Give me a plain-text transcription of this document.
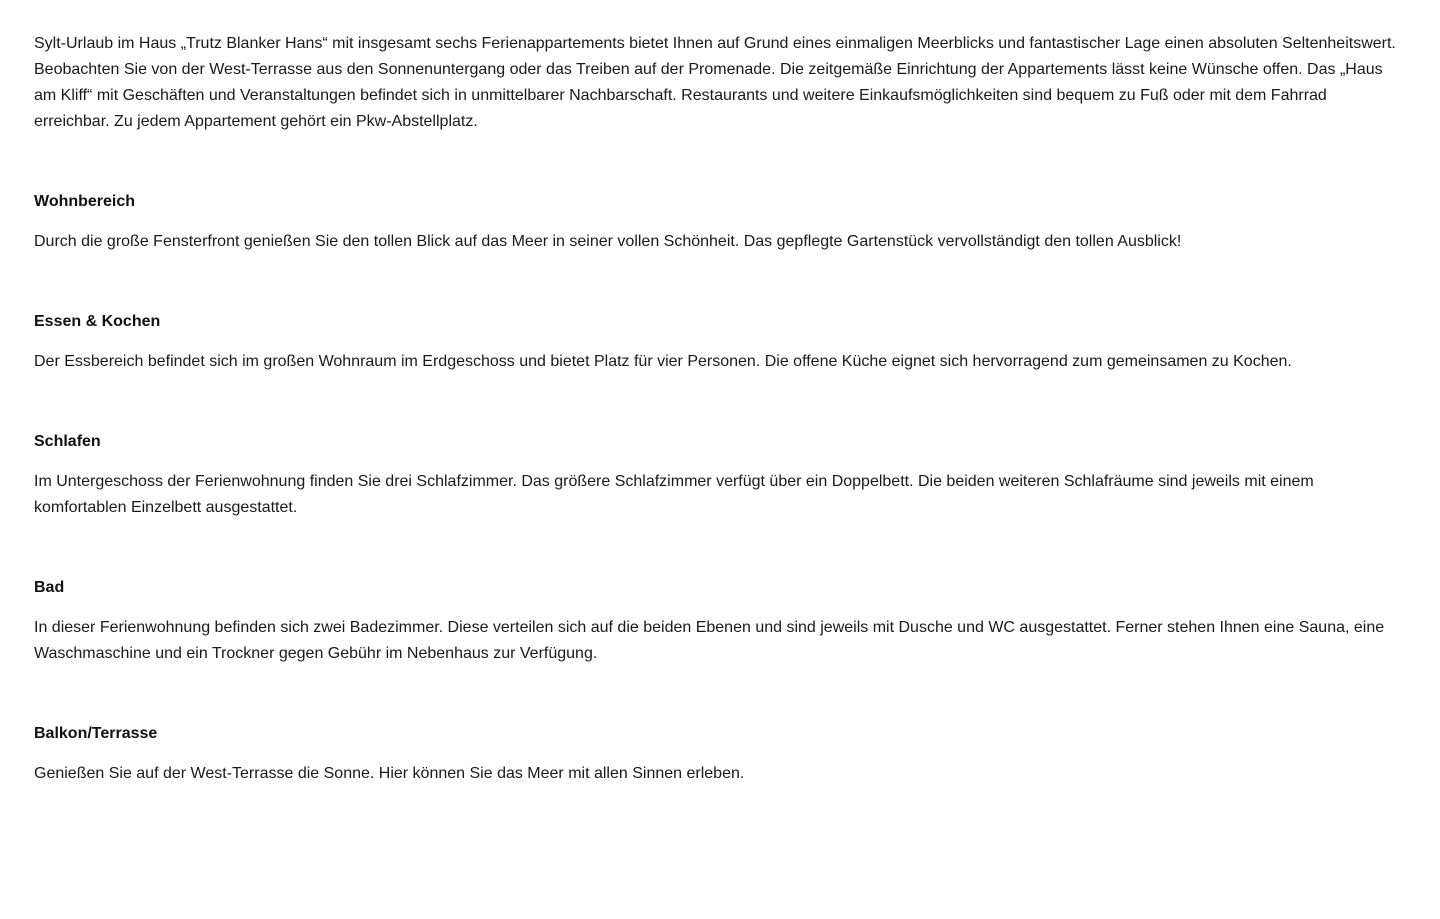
Sylt-Urlaub im Haus „Trutz Blanker Hans“ mit insgesamt sechs Ferienappartements bietet Ihnen auf Grund eines einmaligen Meerblicks und fantastischer Lage einen absoluten Seltenheitswert. Beobachten Sie von der West-Terrasse aus den Sonnenuntergang oder das Treiben auf der Promenade. Die zeitgemäße Einrichtung der Appartements lässt keine Wünsche offen. Das „Haus am Kliff“ mit Geschäften und Veranstaltungen befindet sich in unmittelbarer Nachbarschaft. Restaurants und weitere Einkaufsmöglichkeiten sind bequem zu Fuß oder mit dem Fahrrad erreichbar. Zu jedem Appartement gehört ein Pkw-Abstellplatz.

Wohnbereich

Durch die große Fensterfront genießen Sie den tollen Blick auf das Meer in seiner vollen Schönheit. Das gepflegte Gartenstück vervollständigt den tollen Ausblick!

Essen & Kochen

Der Essbereich befindet sich im großen Wohnraum im Erdgeschoss und bietet Platz für vier Personen. Die offene Küche eignet sich hervorragend zum gemeinsamen zu Kochen.

Schlafen

Im Untergeschoss der Ferienwohnung finden Sie drei Schlafzimmer. Das größere Schlafzimmer verfügt über ein Doppelbett. Die beiden weiteren Schlafräume sind jeweils mit einem komfortablen Einzelbett ausgestattet.

Bad

In dieser Ferienwohnung befinden sich zwei Badezimmer. Diese verteilen sich auf die beiden Ebenen und sind jeweils mit Dusche und WC ausgestattet. Ferner stehen Ihnen eine Sauna, eine Waschmaschine und ein Trockner gegen Gebühr im Nebenhaus zur Verfügung.

Balkon/Terrasse

Genießen Sie auf der West-Terrasse die Sonne. Hier können Sie das Meer mit allen Sinnen erleben.
